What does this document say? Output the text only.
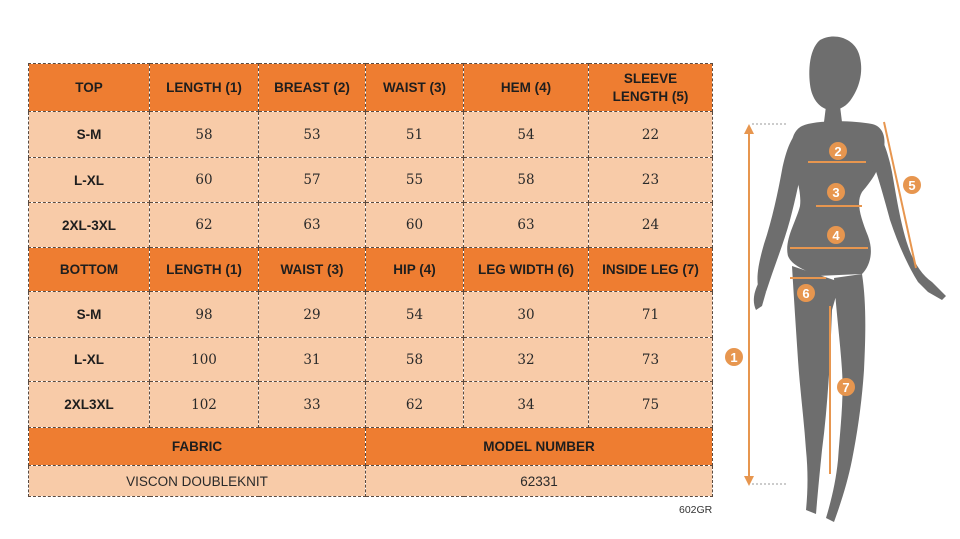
TOP	LENGTH (1)	BREAST (2)	WAIST (3)	HEM (4)	SLEEVE
LENGTH (5)
S-M	58	53	51	54	22
L-XL	60	57	55	58	23
2XL-3XL	62	63	60	63	24
BOTTOM	LENGTH (1)	WAIST (3)	HIP (4)	LEG WIDTH (6)	INSIDE LEG (7)
S-M	98	29	54	30	71
L-XL	100	31	58	32	73
2XL3XL	102	33	62	34	75
FABRIC			MODEL NUMBER		
VISCON DOUBLEKNIT			62331		
602GR
1
2
3
4
5
6
7
